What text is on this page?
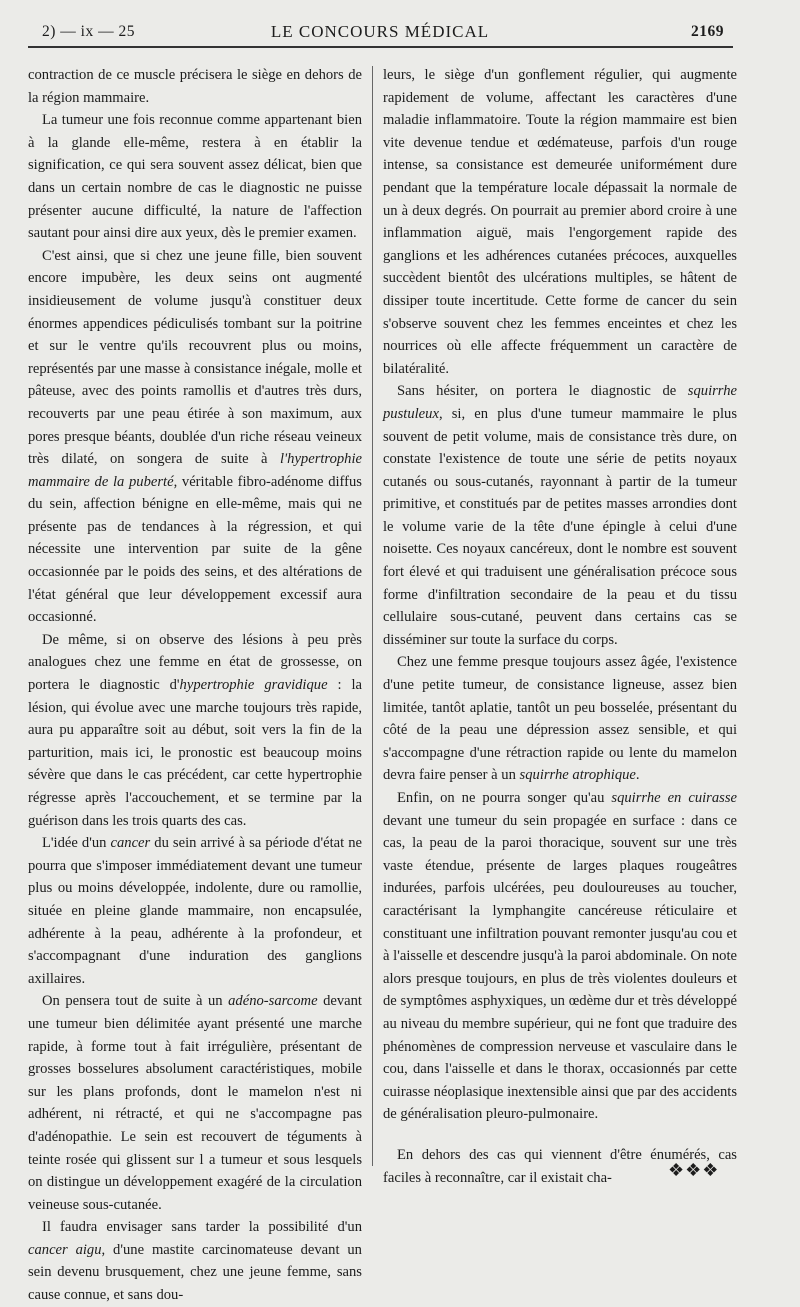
2) — ix — 25	LE CONCOURS MÉDICAL	2169

contraction de ce muscle précisera le siège en dehors de la région mammaire.

La tumeur une fois reconnue comme appartenant bien à la glande elle-même, restera à en établir la signification, ce qui sera souvent assez délicat, bien que dans un certain nombre de cas le diagnostic ne puisse présenter aucune difficulté, la nature de l'affection sautant pour ainsi dire aux yeux, dès le premier examen.

C'est ainsi, que si chez une jeune fille, bien souvent encore impubère, les deux seins ont augmenté insidieusement de volume jusqu'à constituer deux énormes appendices pédiculisés tombant sur la poitrine et sur le ventre qu'ils recouvrent plus ou moins, représentés par une masse à consistance inégale, molle et pâteuse, avec des points ramollis et d'autres très durs, recouverts par une peau étirée à son maximum, aux pores presque béants, doublée d'un riche réseau veineux très dilaté, on songera de suite à l'hypertrophie mammaire de la puberté, véritable fibro-adénome diffus du sein, affection bénigne en elle-même, mais qui ne présente pas de tendances à la régression, et qui nécessite une intervention par suite de la gêne occasionnée par le poids des seins, et des altérations de l'état général que leur développement excessif aura occasionné.

De même, si on observe des lésions à peu près analogues chez une femme en état de grossesse, on portera le diagnostic d'hypertrophie gravidique : la lésion, qui évolue avec une marche toujours très rapide, aura pu apparaître soit au début, soit vers la fin de la parturition, mais ici, le pronostic est beaucoup moins sévère que dans le cas précédent, car cette hypertrophie régresse après l'accouchement, et se termine par la guérison dans les trois quarts des cas.

L'idée d'un cancer du sein arrivé à sa période d'état ne pourra que s'imposer immédiatement devant une tumeur plus ou moins développée, indolente, dure ou ramollie, située en pleine glande mammaire, non encapsulée, adhérente à la peau, adhérente à la profondeur, et s'accompagnant d'une induration des ganglions axillaires.

On pensera tout de suite à un adéno-sarcome devant une tumeur bien délimitée ayant présenté une marche rapide, à forme tout à fait irrégulière, présentant de grosses bosselures absolument caractéristiques, mobile sur les plans profonds, dont le mamelon n'est ni adhérent, ni rétracté, et qui ne s'accompagne pas d'adénopathie. Le sein est recouvert de téguments à teinte rosée qui glissent sur l a tumeur et sous lesquels on distingue un développement exagéré de la circulation veineuse sous-cutanée.

Il faudra envisager sans tarder la possibilité d'un cancer aigu, d'une mastite carcinomateuse devant un sein devenu brusquement, chez une jeune femme, sans cause connue, et sans dou-

leurs, le siège d'un gonflement régulier, qui augmente rapidement de volume, affectant les caractères d'une maladie inflammatoire. Toute la région mammaire est bien vite devenue tendue et œdémateuse, parfois d'un rouge intense, sa consistance est demeurée uniformément dure pendant que la température locale dépassait la normale de un à deux degrés. On pourrait au premier abord croire à une inflammation aiguë, mais l'engorgement rapide des ganglions et les adhérences cutanées précoces, auxquelles succèdent bientôt des ulcérations multiples, se hâtent de dissiper toute incertitude. Cette forme de cancer du sein s'observe souvent chez les femmes enceintes et chez les nourrices où elle affecte fréquemment un caractère de bilatéralité.

Sans hésiter, on portera le diagnostic de squirrhe pustuleux, si, en plus d'une tumeur mammaire le plus souvent de petit volume, mais de consistance très dure, on constate l'existence de toute une série de petits noyaux cutanés ou sous-cutanés, rayonnant à partir de la tumeur primitive, et constitués par de petites masses arrondies dont le volume varie de la tête d'une épingle à celui d'une noisette. Ces noyaux cancéreux, dont le nombre est souvent fort élevé et qui traduisent une généralisation précoce sous forme d'infiltration secondaire de la peau et du tissu cellulaire sous-cutané, peuvent dans certains cas se disséminer sur toute la surface du corps.

Chez une femme presque toujours assez âgée, l'existence d'une petite tumeur, de consistance ligneuse, assez bien limitée, tantôt aplatie, tantôt un peu bosselée, présentant du côté de la peau une dépression assez sensible, et qui s'accompagne d'une rétraction rapide ou lente du mamelon devra faire penser à un squirrhe atrophique.

Enfin, on ne pourra songer qu'au squirrhe en cuirasse devant une tumeur du sein propagée en surface : dans ce cas, la peau de la paroi thoracique, souvent sur une très vaste étendue, présente de larges plaques rougeâtres indurées, parfois ulcérées, peu douloureuses au toucher, caractérisant la lymphangite cancéreuse réticulaire et constituant une infiltration pouvant remonter jusqu'au cou et à l'aisselle et descendre jusqu'à la paroi abdominale. On note alors presque toujours, en plus de très violentes douleurs et de symptômes asphyxiques, un œdème dur et très développé au niveau du membre supérieur, qui ne font que traduire des phénomènes de compression nerveuse et vasculaire dans le cou, dans l'aisselle et dans le thorax, occasionnés par cette cuirasse néoplasique inextensible ainsi que par des accidents de généralisation pleuro-pulmonaire.

En dehors des cas qui viennent d'être énumérés, cas faciles à reconnaître, car il existait cha-	❖❖❖
